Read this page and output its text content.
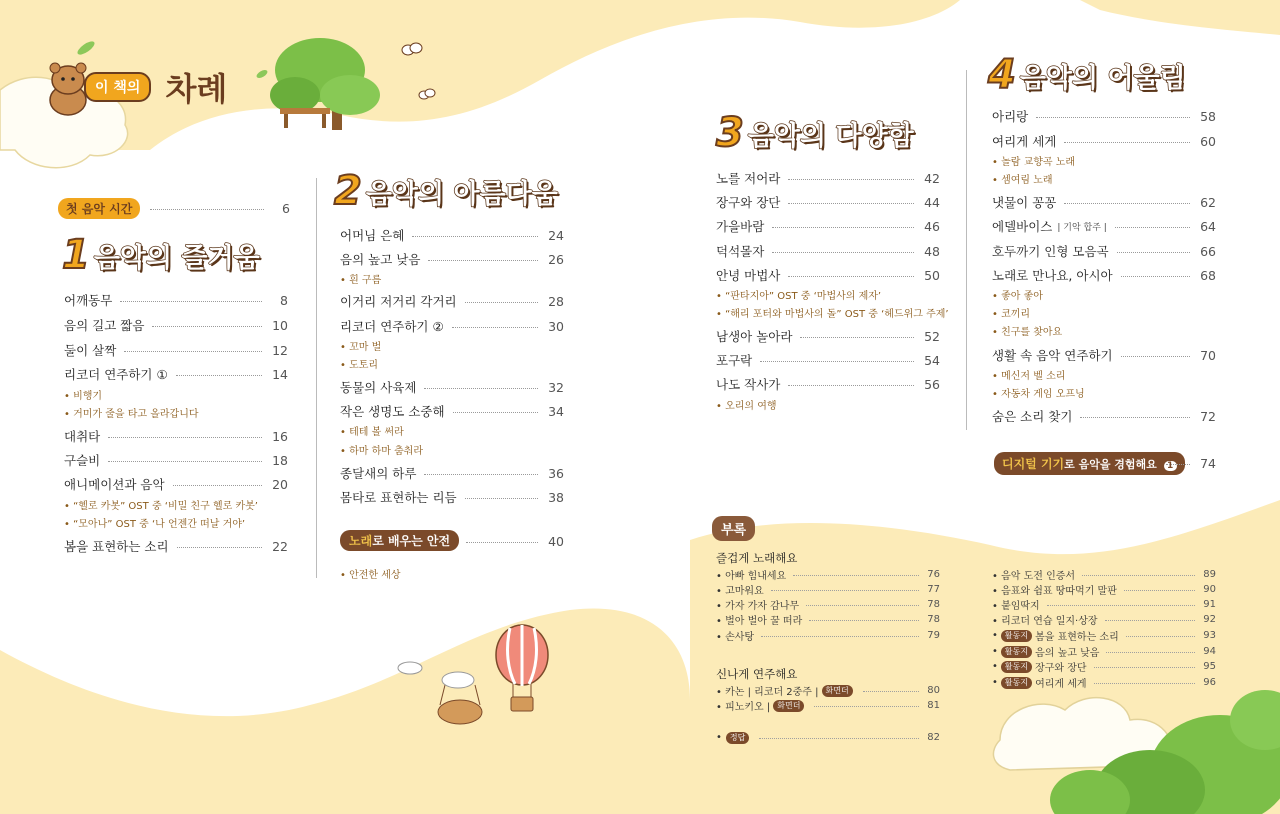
이 책의 차례
첫 음악 시간	6
1 음악의 즐거움
어깨동무	8
음의 길고 짧음	10
둘이 살짝	12
리코더 연주하기 ①	14
• 비행기
• 거미가 줄을 타고 올라갑니다
대취타	16
구슬비	18
애니메이션과 음악	20
• “헬로 카봇” OST 중 ‘비밀 친구 헬로 카봇’
• “모아나” OST 중 ‘나 언젠간 떠날 거야’
봄을 표현하는 소리	22
2 음악의 아름다움
어머님 은혜	24
음의 높고 낮음	26
• 흰 구름
이거리 저거리 각거리	28
리코더 연주하기 ②	30
• 꼬마 벌
• 도토리
동물의 사육제	32
작은 생명도 소중해	34
• 테테 볼 써라
• 하마 하마 춤춰라
종달새의 하루	36
몸타로 표현하는 리듬	38
노래로 배우는 안전	40
• 안전한 세상
3 음악의 다양함
노를 저어라	42
장구와 장단	44
가을바람	46
덕석몰자	48
안녕 마법사	50
• “판타지아” OST 중 ‘마법사의 제자’
• “해리 포터와 마법사의 돌” OST 중 ‘헤드위그 주제’
남생아 놀아라	52
포구락	54
나도 작사가	56
• 오리의 여행
4 음악의 어울림
아리랑	58
여리게 세게	60
• 놀람 교향곡 노래
• 셈여림 노래
냇물이 꽁꽁	62
에델바이스 | 기악 합주 |	64
호두까기 인형 모음곡	66
노래로 만나요, 아시아	68
• 좋아 좋아
• 코끼리
• 친구를 찾아요
생활 속 음악 연주하기	70
• 메신저 벨 소리
• 자동차 게임 오프닝
숨은 소리 찾기	72
디지털 기기로 음악을 경험해요 1	74
부록
즐겁게 노래해요
• 아빠 힘내세요	76
• 고마워요	77
• 가자 가자 감나무	78
• 벌아 벌아 꿀 떠라	78
• 손사탕	79
신나게 연주해요
• 카논 | 리코더 2중주 | 화면더	80
• 피노키오 | 화면더	81
•	정답	82
• 음악 도전 인증서	89
• 음표와 쉼표 땅따먹기 말판	90
• 붙임딱지	91
• 리코더 연습 일지·상장	92
• 활동지 봄을 표현하는 소리	93
• 활동지 음의 높고 낮음	94
• 활동지 장구와 장단	95
• 활동지 여리게 세게	96
